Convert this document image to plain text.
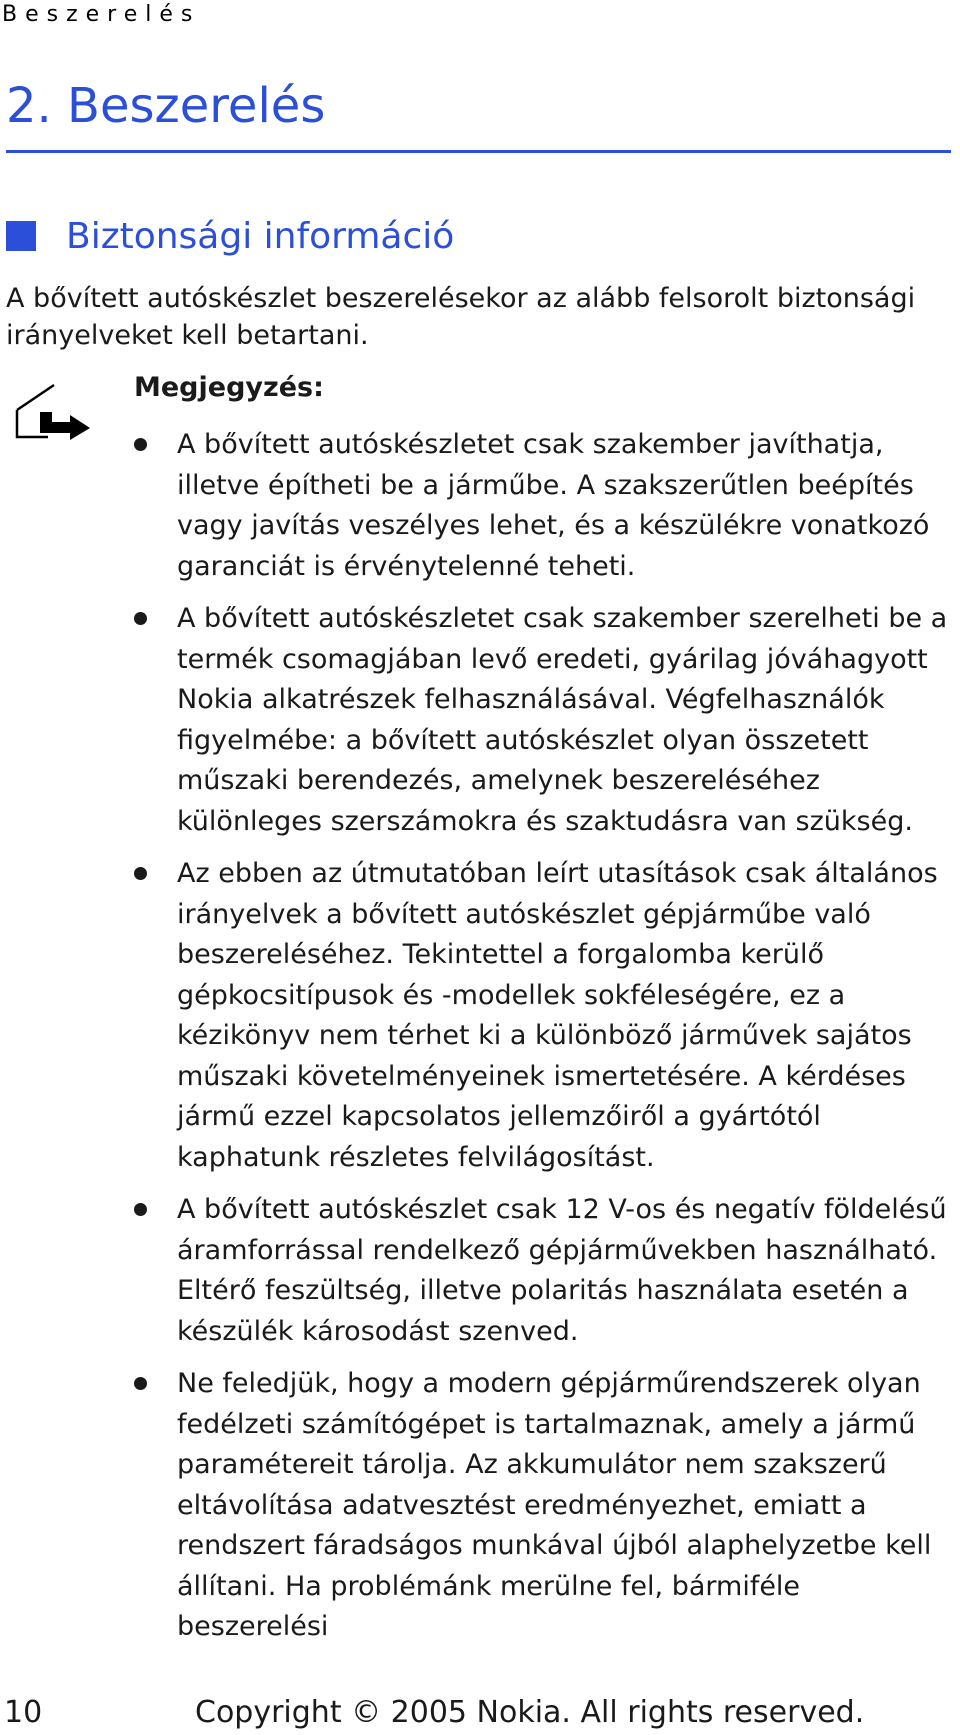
Beszerelés
2. Beszerelés
Biztonsági információ
A bővített autóskészlet beszerelésekor az alább felsorolt biztonsági irányelveket kell betartani.
Megjegyzés:
A bővített autóskészletet csak szakember javíthatja, illetve építheti be a járműbe. A szakszerűtlen beépítés vagy javítás veszélyes lehet, és a készülékre vonatkozó garanciát is érvénytelenné teheti.
A bővített autóskészletet csak szakember szerelheti be a termék csomagjában levő eredeti, gyárilag jóváhagyott Nokia alkatrészek felhasználásával. Végfelhasználók figyelmébe: a bővített autóskészlet olyan összetett műszaki berendezés, amelynek beszereléséhez különleges szerszámokra és szaktudásra van szükség.
Az ebben az útmutatóban leírt utasítások csak általános irányelvek a bővített autóskészlet gépjárműbe való beszereléséhez. Tekintettel a forgalomba kerülő gépkocsitípusok és -modellek sokféleségére, ez a kézikönyv nem térhet ki a különböző járművek sajátos műszaki követelményeinek ismertetésére. A kérdéses jármű ezzel kapcsolatos jellemzőiről a gyártótól kaphatunk részletes felvilágosítást.
A bővített autóskészlet csak 12 V-os és negatív földelésű áramforrással rendelkező gépjárművekben használható. Eltérő feszültség, illetve polaritás használata esetén a készülék károsodást szenved.
Ne feledjük, hogy a modern gépjárműrendszerek olyan fedélzeti számítógépet is tartalmaznak, amely a jármű paramétereit tárolja. Az akkumulátor nem szakszerű eltávolítása adatvesztést eredményezhet, emiatt a rendszert fáradságos munkával újból alaphelyzetbe kell állítani. Ha problémánk merülne fel, bármiféle beszerelési
10	Copyright © 2005 Nokia. All rights reserved.
